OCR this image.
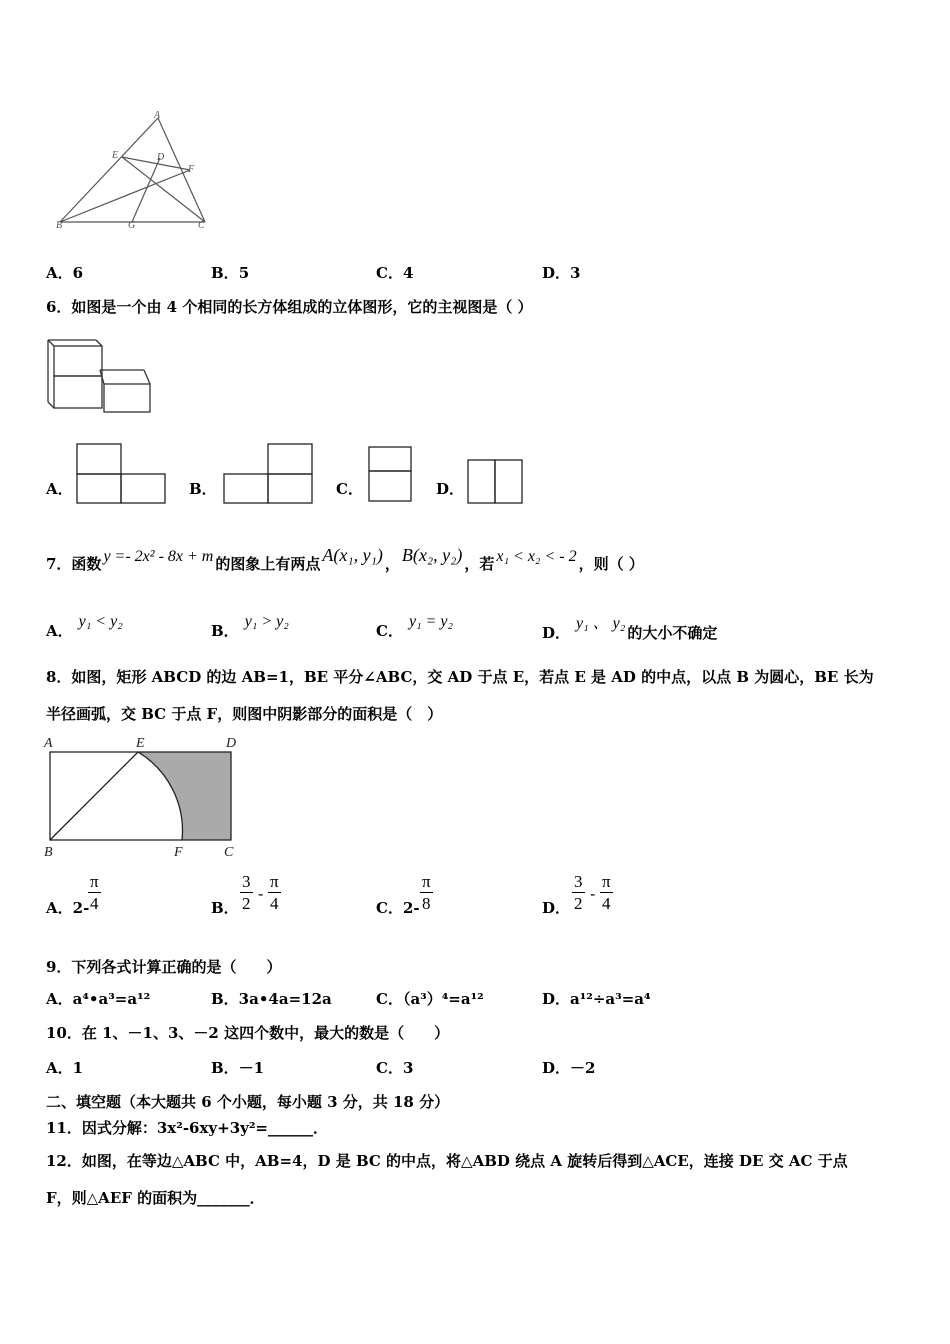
A
E	D
F
B	G	C
A．6	B．5	C．4	D．3
6．如图是一个由 4 个相同的长方体组成的立体图形，它的主视图是（ ）
A．	B．	C．	D．
7．函数 y =- 2x² - 8x + m 的图象上有两点 A(x₁, y₁) ， B(x₂, y₂) ，若 x₁ < x₂ < - 2 ，则（ ）
A．y₁ < y₂
B．y₁ > y₂
C．y₁ = y₂
D．y₁ 、 y₂的大小不确定
8．如图，矩形 ABCD 的边 AB=1，BE 平分∠ABC，交 AD 于点 E，若点 E 是 AD 的中点，以点 B 为圆心，BE 长为
半径画弧，交 BC 于点 F，则图中阴影部分的面积是（　）
A	E	D
B	F	C
A．2-
$\frac{\pi}{4}$	B． $\frac{3}{2} - \frac{\pi}{4}$	C．$2- \frac{\pi}{8}$	D． $\frac{3}{2} - \frac{\pi}{4}$
9．下列各式计算正确的是（　　）
A．a⁴•a³=a¹²	B．3a•4a=12a	C．（a³）⁴=a¹²	D．a¹²÷a³=a⁴
10．在 1、－1、3、－2 这四个数中，最大的数是（　　）
A．1	B．－1	C．3	D．－2
二、填空题（本大题共 6 个小题，每小题 3 分，共 18 分）
11．因式分解：3x²-6xy+3y²=______．
12．如图，在等边△ABC 中，AB=4，D 是 BC 的中点，将△ABD 绕点 A 旋转后得到△ACE，连接 DE 交 AC 于点
F，则△AEF 的面积为_______．
